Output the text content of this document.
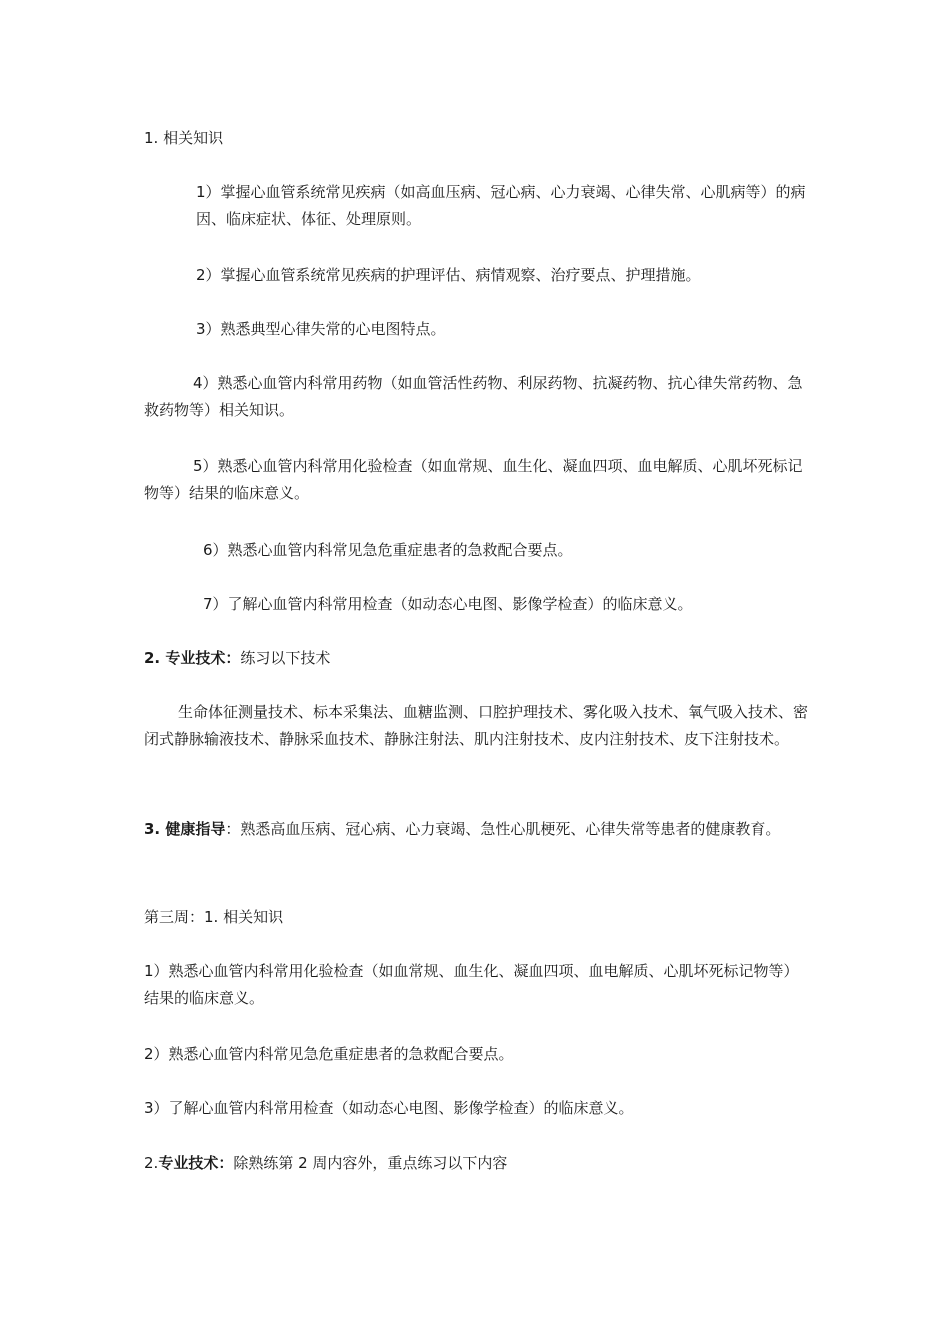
1. 相关知识

1）掌握心血管系统常见疾病（如高血压病、冠心病、心力衰竭、心律失常、心肌病等）的病因、临床症状、体征、处理原则。

2）掌握心血管系统常见疾病的护理评估、病情观察、治疗要点、护理措施。

3）熟悉典型心律失常的心电图特点。

4）熟悉心血管内科常用药物（如血管活性药物、利尿药物、抗凝药物、抗心律失常药物、急救药物等）相关知识。

5）熟悉心血管内科常用化验检查（如血常规、血生化、凝血四项、血电解质、心肌坏死标记物等）结果的临床意义。

6）熟悉心血管内科常见急危重症患者的急救配合要点。

7）了解心血管内科常用检查（如动态心电图、影像学检查）的临床意义。

2. 专业技术：练习以下技术

生命体征测量技术、标本采集法、血糖监测、口腔护理技术、雾化吸入技术、氧气吸入技术、密闭式静脉输液技术、静脉采血技术、静脉注射法、肌内注射技术、皮内注射技术、皮下注射技术。

3. 健康指导：熟悉高血压病、冠心病、心力衰竭、急性心肌梗死、心律失常等患者的健康教育。

第三周：1. 相关知识

1）熟悉心血管内科常用化验检查（如血常规、血生化、凝血四项、血电解质、心肌坏死标记物等）结果的临床意义。

2）熟悉心血管内科常见急危重症患者的急救配合要点。

3）了解心血管内科常用检查（如动态心电图、影像学检查）的临床意义。

2.专业技术：除熟练第 2 周内容外，重点练习以下内容
